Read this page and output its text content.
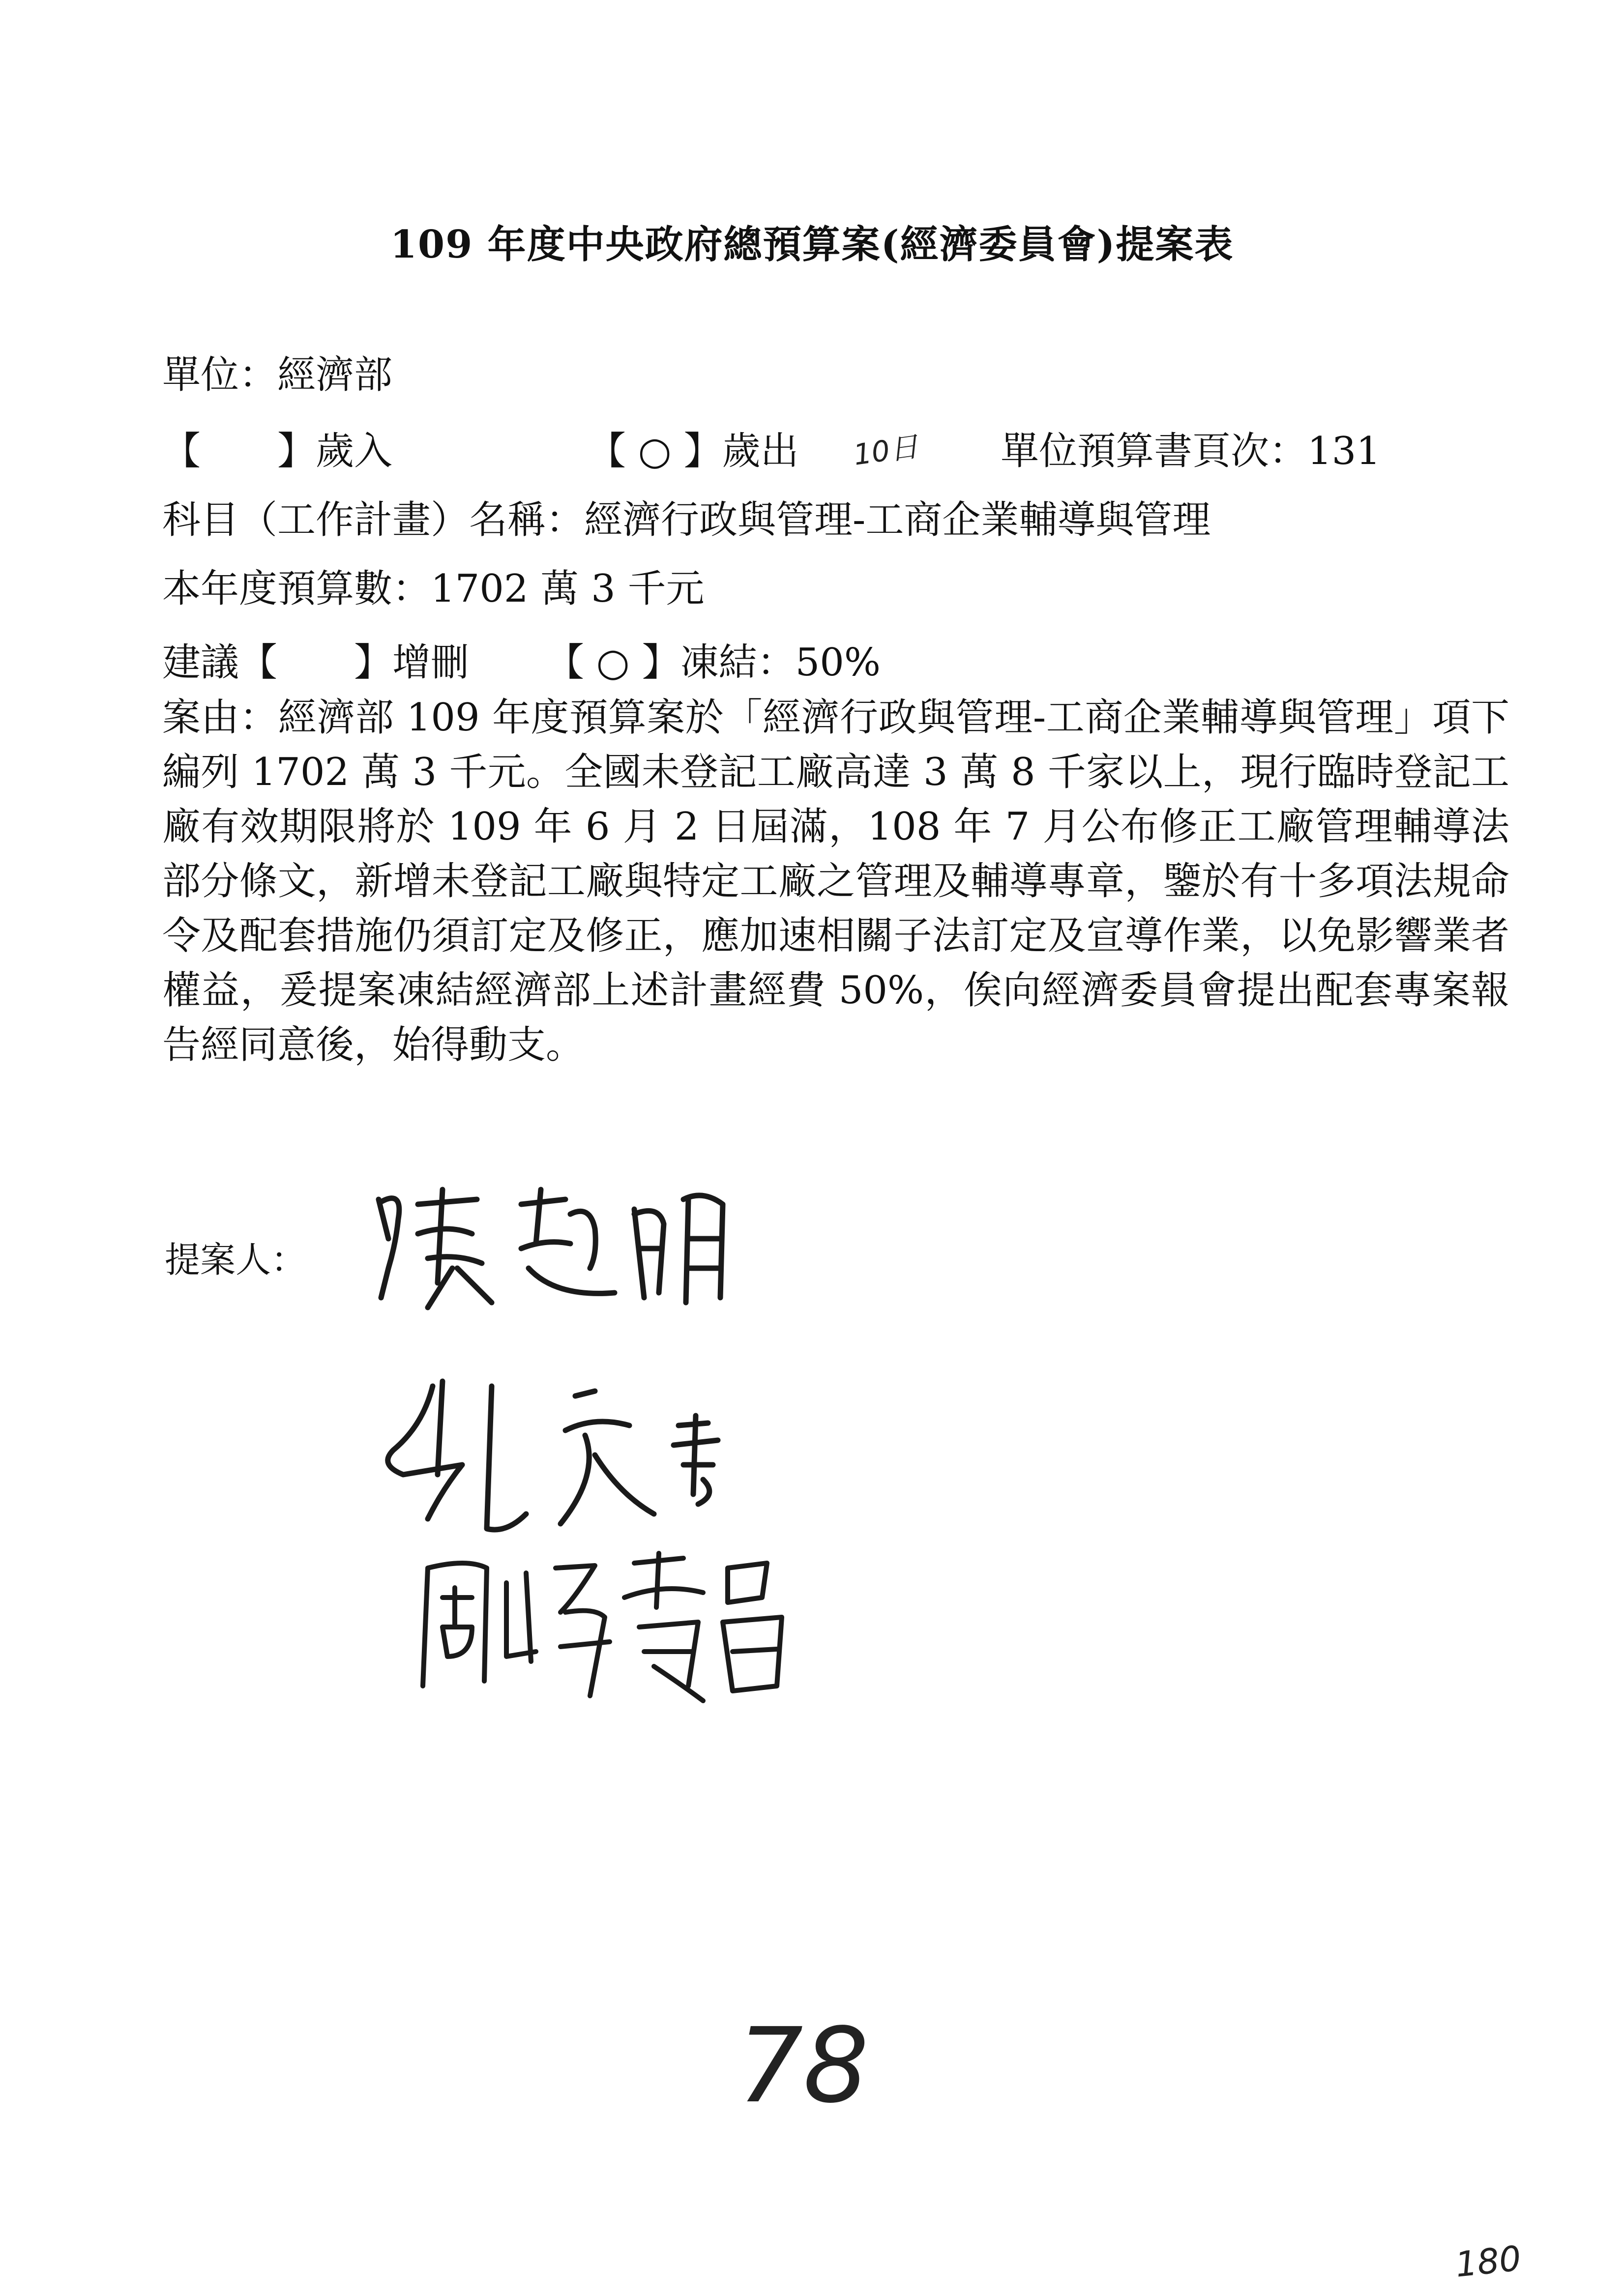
109 年度中央政府總預算案(經濟委員會)提案表
單位：經濟部
【　　】歲入	【 ○ 】歲出 10日 單位預算書頁次：131
科目（工作計畫）名稱：經濟行政與管理-工商企業輔導與管理
本年度預算數：1702 萬 3 千元
建議【　　】增刪 【 ○ 】凍結：50%
案由：經濟部 109 年度預算案於「經濟行政與管理-工商企業輔導與管理」項下編列 1702 萬 3 千元。全國未登記工廠高達 3 萬 8 千家以上，現行臨時登記工廠有效期限將於 109 年 6 月 2 日屆滿，108 年 7 月公布修正工廠管理輔導法部分條文，新增未登記工廠與特定工廠之管理及輔導專章，鑒於有十多項法規命令及配套措施仍須訂定及修正，應加速相關子法訂定及宣導作業，以免影響業者權益，爰提案凍結經濟部上述計畫經費 50%，俟向經濟委員會提出配套專案報告經同意後，始得動支。
提案人：
78
180
